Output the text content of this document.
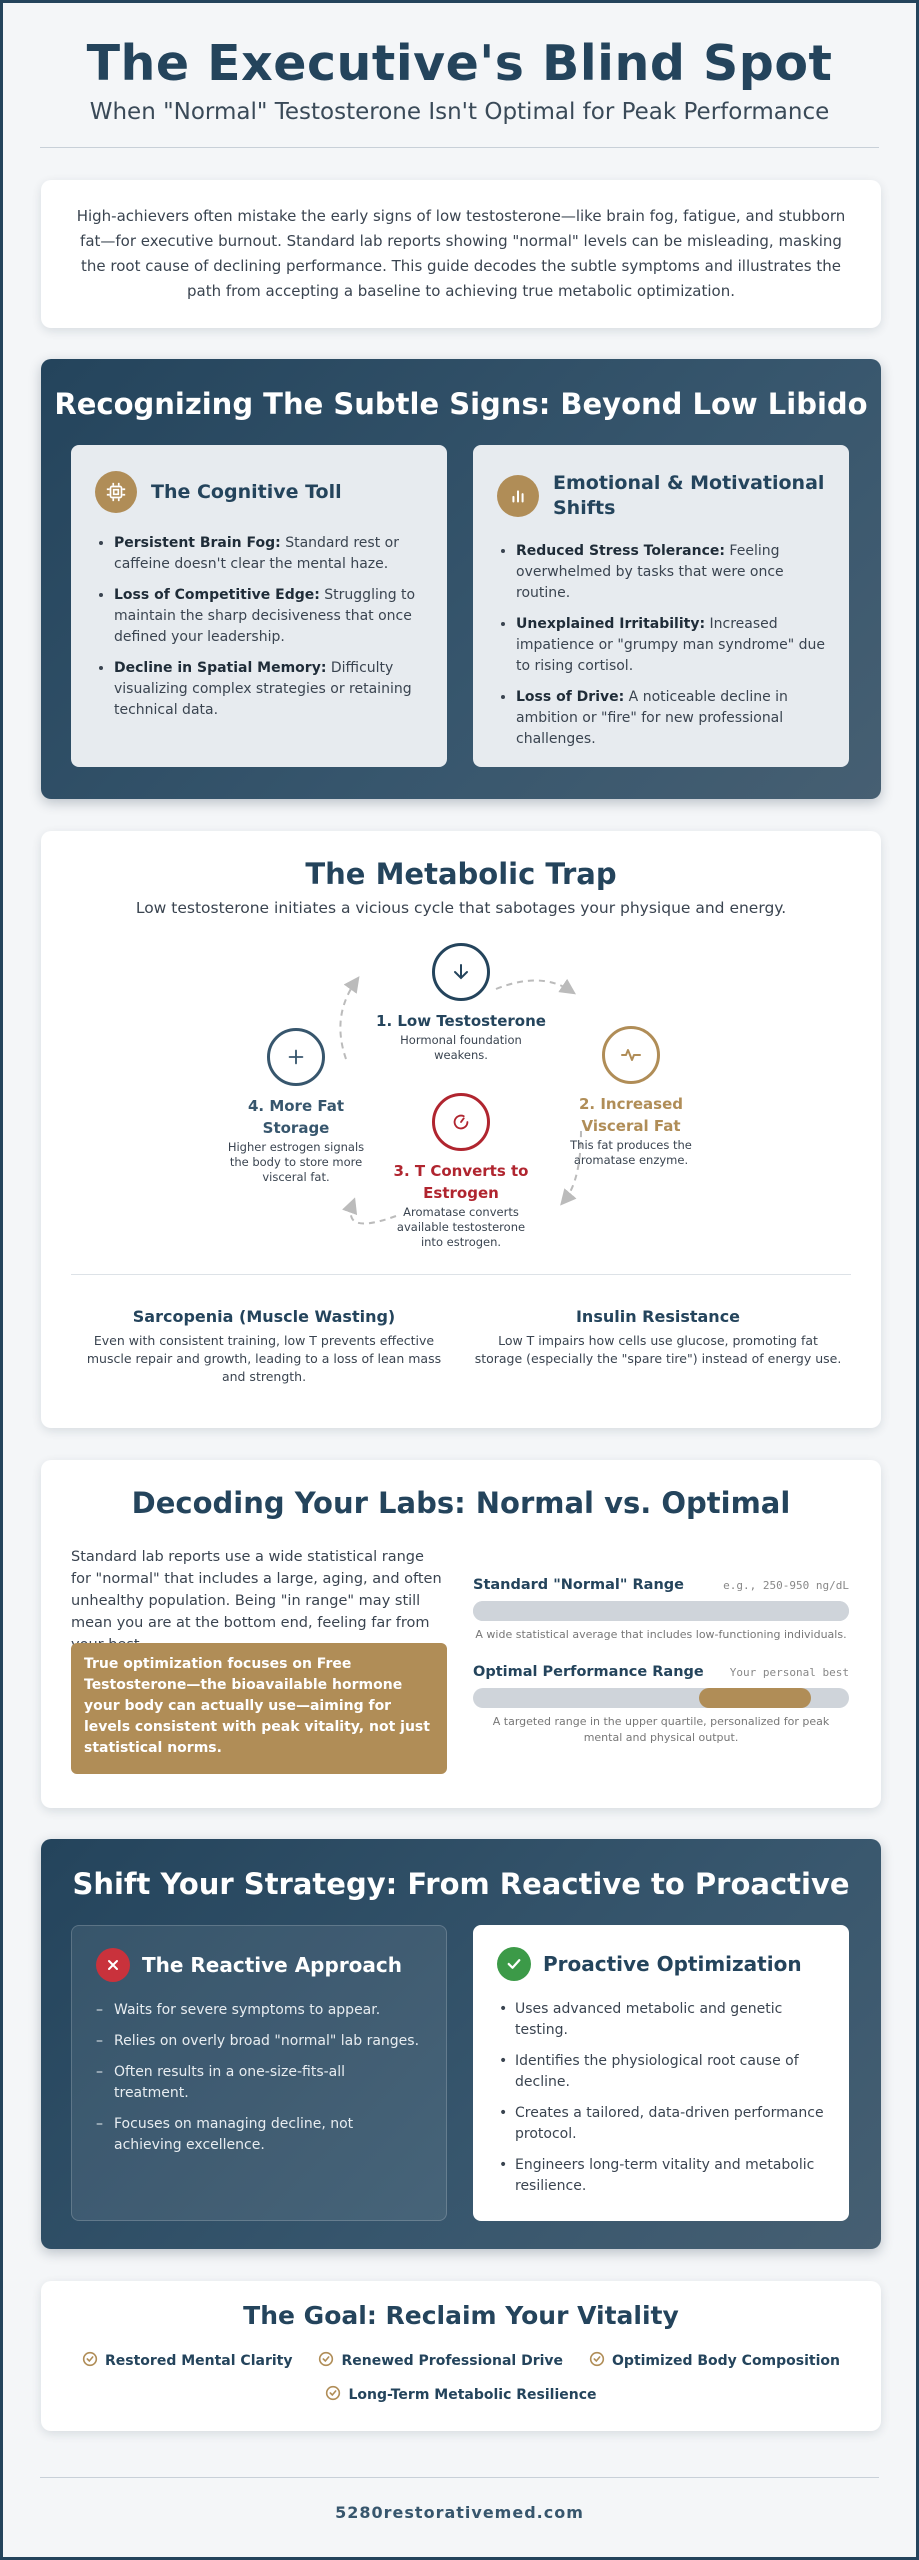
The Executive's Blind Spot
When "Normal" Testosterone Isn't Optimal for Peak Performance

High-achievers often mistake the early signs of low testosterone—like brain fog, fatigue, and stubborn fat—for executive burnout. Standard lab reports showing "normal" levels can be misleading, masking the root cause of declining performance. This guide decodes the subtle symptoms and illustrates the path from accepting a baseline to achieving true metabolic optimization.

Recognizing The Subtle Signs: Beyond Low Libido
The Cognitive Toll
• Persistent Brain Fog: Standard rest or caffeine doesn't clear the mental haze.
• Loss of Competitive Edge: Struggling to maintain the sharp decisiveness that once defined your leadership.
• Decline in Spatial Memory: Difficulty visualizing complex strategies or retaining technical data.
Emotional & Motivational Shifts
• Reduced Stress Tolerance: Feeling overwhelmed by tasks that were once routine.
• Unexplained Irritability: Increased impatience or "grumpy man syndrome" due to rising cortisol.
• Loss of Drive: A noticeable decline in ambition or "fire" for new professional challenges.
The Metabolic Trap
Low testosterone initiates a vicious cycle that sabotages your physique and energy.
1. Low Testosterone
Hormonal foundation weakens.
2. Increased Visceral Fat
This fat produces the aromatase enzyme.
3. T Converts to Estrogen
Aromatase converts available testosterone into estrogen.
4. More Fat Storage
Higher estrogen signals the body to store more visceral fat.
Sarcopenia (Muscle Wasting)
Even with consistent training, low T prevents effective muscle repair and growth, leading to a loss of lean mass and strength.
Insulin Resistance
Low T impairs how cells use glucose, promoting fat storage (especially the "spare tire") instead of energy use.
Decoding Your Labs: Normal vs. Optimal
Standard lab reports use a wide statistical range for "normal" that includes a large, aging, and often unhealthy population. Being "in range" may still mean you are at the bottom end, feeling far from
True optimization focuses on Free Testosterone—the bioavailable hormone your body can actually use—aiming for levels consistent with peak vitality, not just statistical norms.
Standard "Normal" Range	e.g., 250-950 ng/dL
A wide statistical average that includes low-functioning individuals.
Optimal Performance Range Your personal best
A targeted range in the upper quartile, personalized for peak mental and physical output.
Shift Your Strategy: From Reactive to Proactive
The Reactive Approach
– Waits for severe symptoms to appear.
– Relies on overly broad "normal" lab ranges.
– Often results in a one-size-fits-all treatment.
– Focuses on managing decline, not achieving excellence.
Proactive Optimization
• Uses advanced metabolic and genetic testing.
• Identifies the physiological root cause of decline.
• Creates a tailored, data-driven performance protocol.
• Engineers long-term vitality and metabolic resilience.
The Goal: Reclaim Your Vitality
Restored Mental Clarity	Renewed Professional Drive	Optimized Body Composition
Long-Term Metabolic Resilience
5280restorativemed.com
